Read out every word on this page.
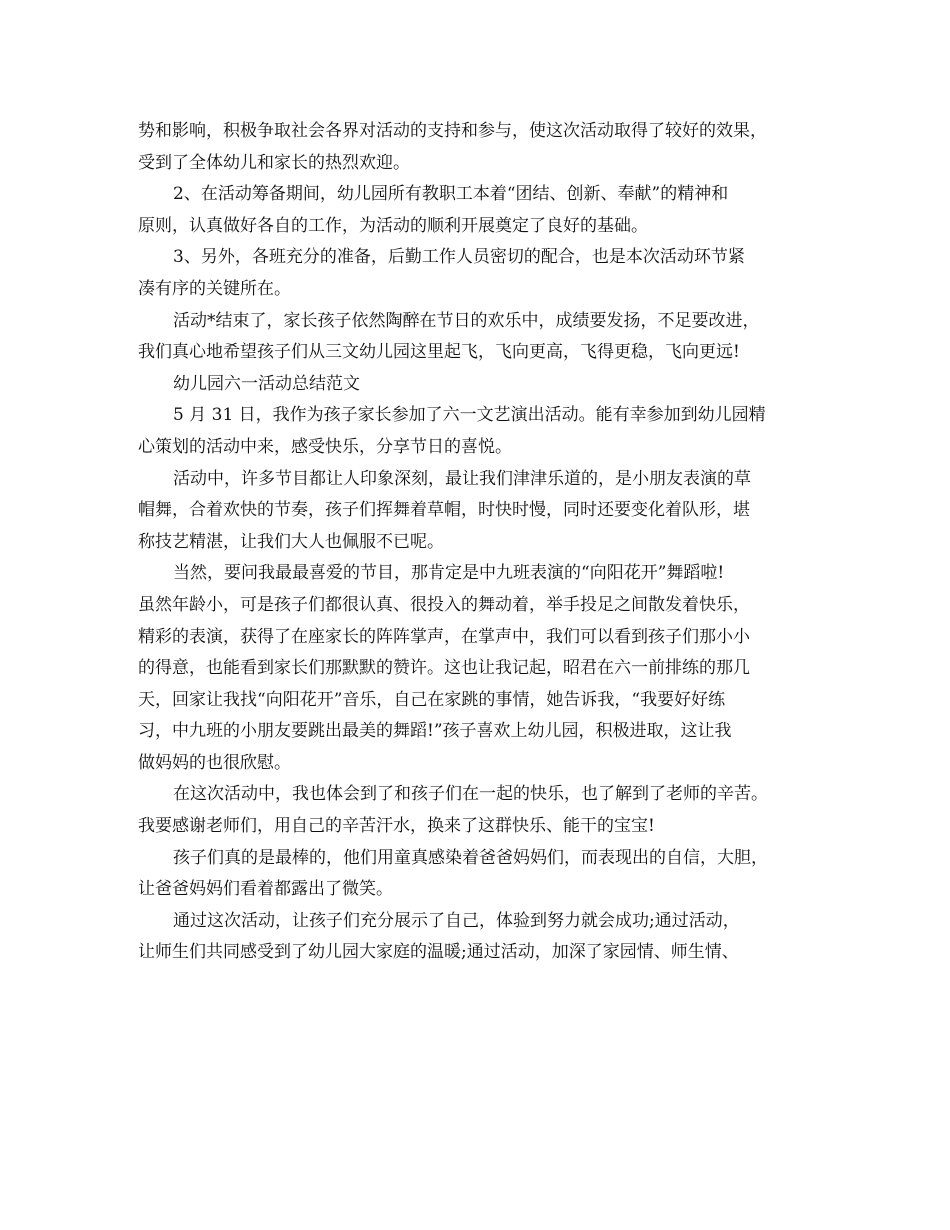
势和影响，积极争取社会各界对活动的支持和参与，使这次活动取得了较好的效果，
受到了全体幼儿和家长的热烈欢迎。
2、在活动筹备期间，幼儿园所有教职工本着“团结、创新、奉献”的精神和
原则，认真做好各自的工作，为活动的顺利开展奠定了良好的基础。
3、另外，各班充分的准备，后勤工作人员密切的配合，也是本次活动环节紧
凑有序的关键所在。
活动*结束了，家长孩子依然陶醉在节日的欢乐中，成绩要发扬，不足要改进，
我们真心地希望孩子们从三文幼儿园这里起飞，飞向更高，飞得更稳，飞向更远!
幼儿园六一活动总结范文
5 月 31 日，我作为孩子家长参加了六一文艺演出活动。能有幸参加到幼儿园精
心策划的活动中来，感受快乐，分享节日的喜悦。
活动中，许多节目都让人印象深刻，最让我们津津乐道的，是小朋友表演的草
帽舞，合着欢快的节奏，孩子们挥舞着草帽，时快时慢，同时还要变化着队形，堪
称技艺精湛，让我们大人也佩服不已呢。
当然，要问我最最喜爱的节目，那肯定是中九班表演的“向阳花开”舞蹈啦!
虽然年龄小，可是孩子们都很认真、很投入的舞动着，举手投足之间散发着快乐，
精彩的表演，获得了在座家长的阵阵掌声，在掌声中，我们可以看到孩子们那小小
的得意，也能看到家长们那默默的赞许。这也让我记起，昭君在六一前排练的那几
天，回家让我找“向阳花开”音乐，自己在家跳的事情，她告诉我，“我要好好练
习，中九班的小朋友要跳出最美的舞蹈!”孩子喜欢上幼儿园，积极进取，这让我
做妈妈的也很欣慰。
在这次活动中，我也体会到了和孩子们在一起的快乐，也了解到了老师的辛苦。
我要感谢老师们，用自己的辛苦汗水，换来了这群快乐、能干的宝宝!
孩子们真的是最棒的，他们用童真感染着爸爸妈妈们，而表现出的自信，大胆，
让爸爸妈妈们看着都露出了微笑。
通过这次活动，让孩子们充分展示了自己，体验到努力就会成功;通过活动，
让师生们共同感受到了幼儿园大家庭的温暖;通过活动，加深了家园情、师生情、
